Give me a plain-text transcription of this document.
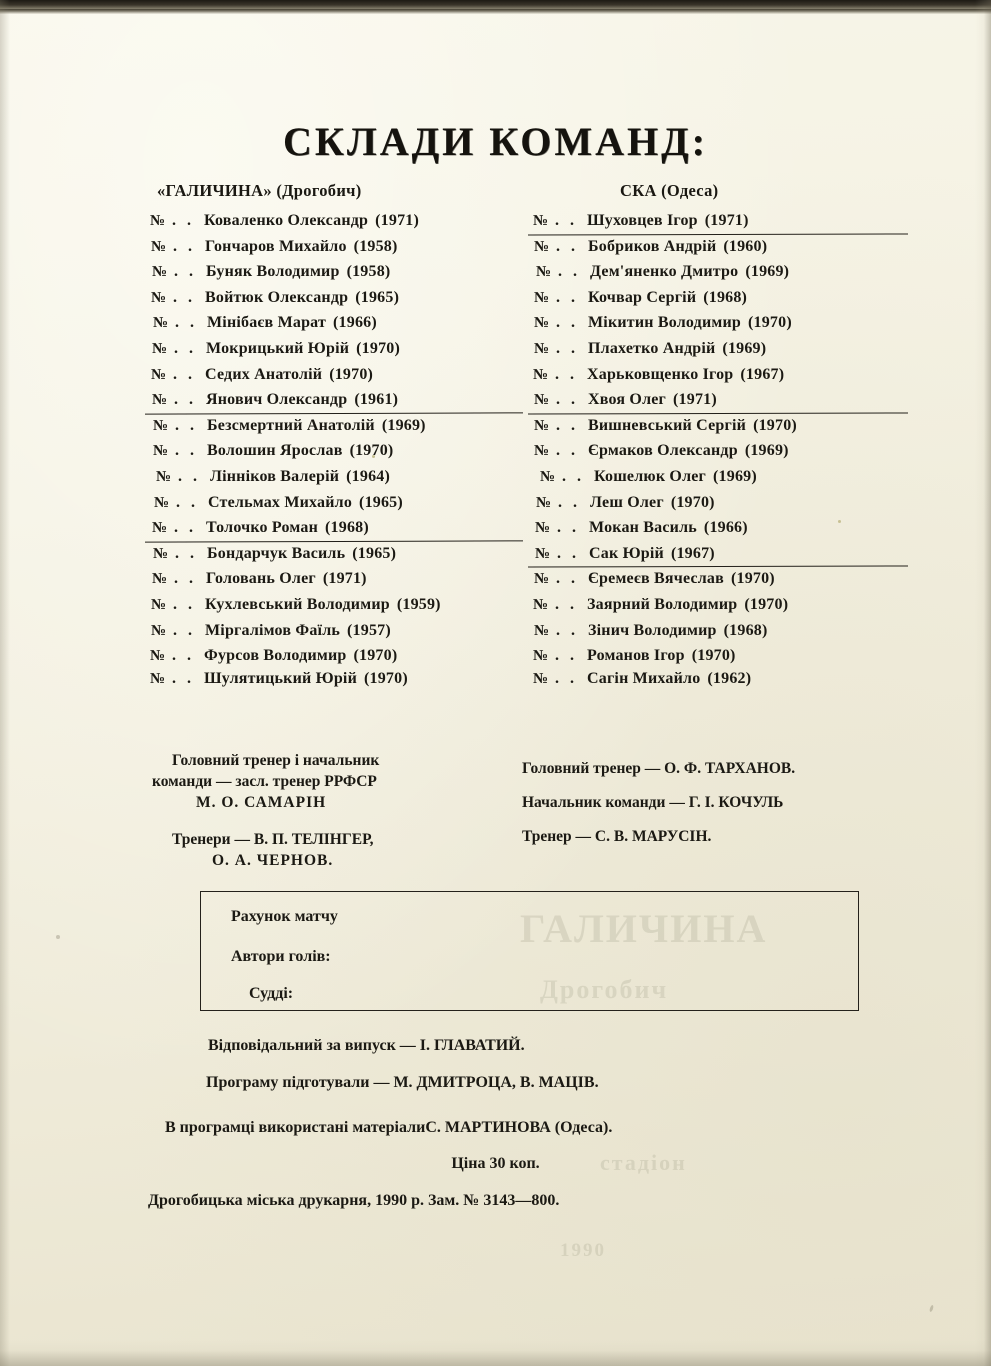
ГАЛИЧИНА
Дрогобич
стадіон
1990
СКЛАДИ КОМАНД:
«ГАЛИЧИНА» (Дрогобич)	СКА (Одеса)
№ .. Коваленко Олександр (1971)
№ .. Гончаров Михайло (1958)
№ .. Буняк Володимир (1958)
№ .. Войтюк Олександр (1965)
№ .. Мінібаєв Марат (1966)
№ .. Мокрицький Юрій (1970)
№ .. Седих Анатолій (1970)
№ .. Янович Олександр (1961)
№ .. Безсмертний Анатолій (1969)
№ .. Волошин Ярослав (1970)
№ .. Лінніков Валерій (1964)
№ .. Стельмах Михайло (1965)
№ .. Толочко Роман (1968)
№ .. Бондарчук Василь (1965)
№ .. Головань Олег (1971)
№ .. Кухлевський Володимир (1959)
№ .. Міргалімов Фаїль (1957)
№ .. Фурсов Володимир (1970)
№ .. Шулятицький Юрій (1970)
№ .. Шуховцев Ігор (1971)
№ .. Бобриков Андрій (1960)
№ .. Дем'яненко Дмитро (1969)
№ .. Кочвар Сергій (1968)
№ .. Мікитин Володимир (1970)
№ .. Плахетко Андрій (1969)
№ .. Харьковщенко Ігор (1967)
№ .. Хвоя Олег (1971)
№ .. Вишневський Сергій (1970)
№ .. Єрмаков Олександр (1969)
№ .. Кошелюк Олег (1969)
№ .. Леш Олег (1970)
№ .. Мокан Василь (1966)
№ .. Сак Юрій (1967)
№ .. Єремеєв Вячеслав (1970)
№ .. Заярний Володимир (1970)
№ .. Зінич Володимир (1968)
№ .. Романов Ігор (1970)
№ .. Сагін Михайло (1962)
Головний тренер і начальник
команди — засл. тренер РРФСР
М. О. САМАРІН
Тренери — В. П. ТЕЛІНГЕР,
О. А. ЧЕРНОВ.
Головний тренер — О. Ф. ТАРХАНОВ.
Начальник команди — Г. І. КОЧУЛЬ
Тренер — С. В. МАРУСІН.
Рахунок матчу
Автори голів:
Судді:
Відповідальний за випуск — І. ГЛАВАТИЙ.
Програму підготували — М. ДМИТРОЦА, В. МАЦІВ.
В програмці використані матеріалиС. МАРТИНОВА (Одеса).
Ціна 30 коп.
Дрогобицька міська друкарня, 1990 р. Зам. № 3143—800.
